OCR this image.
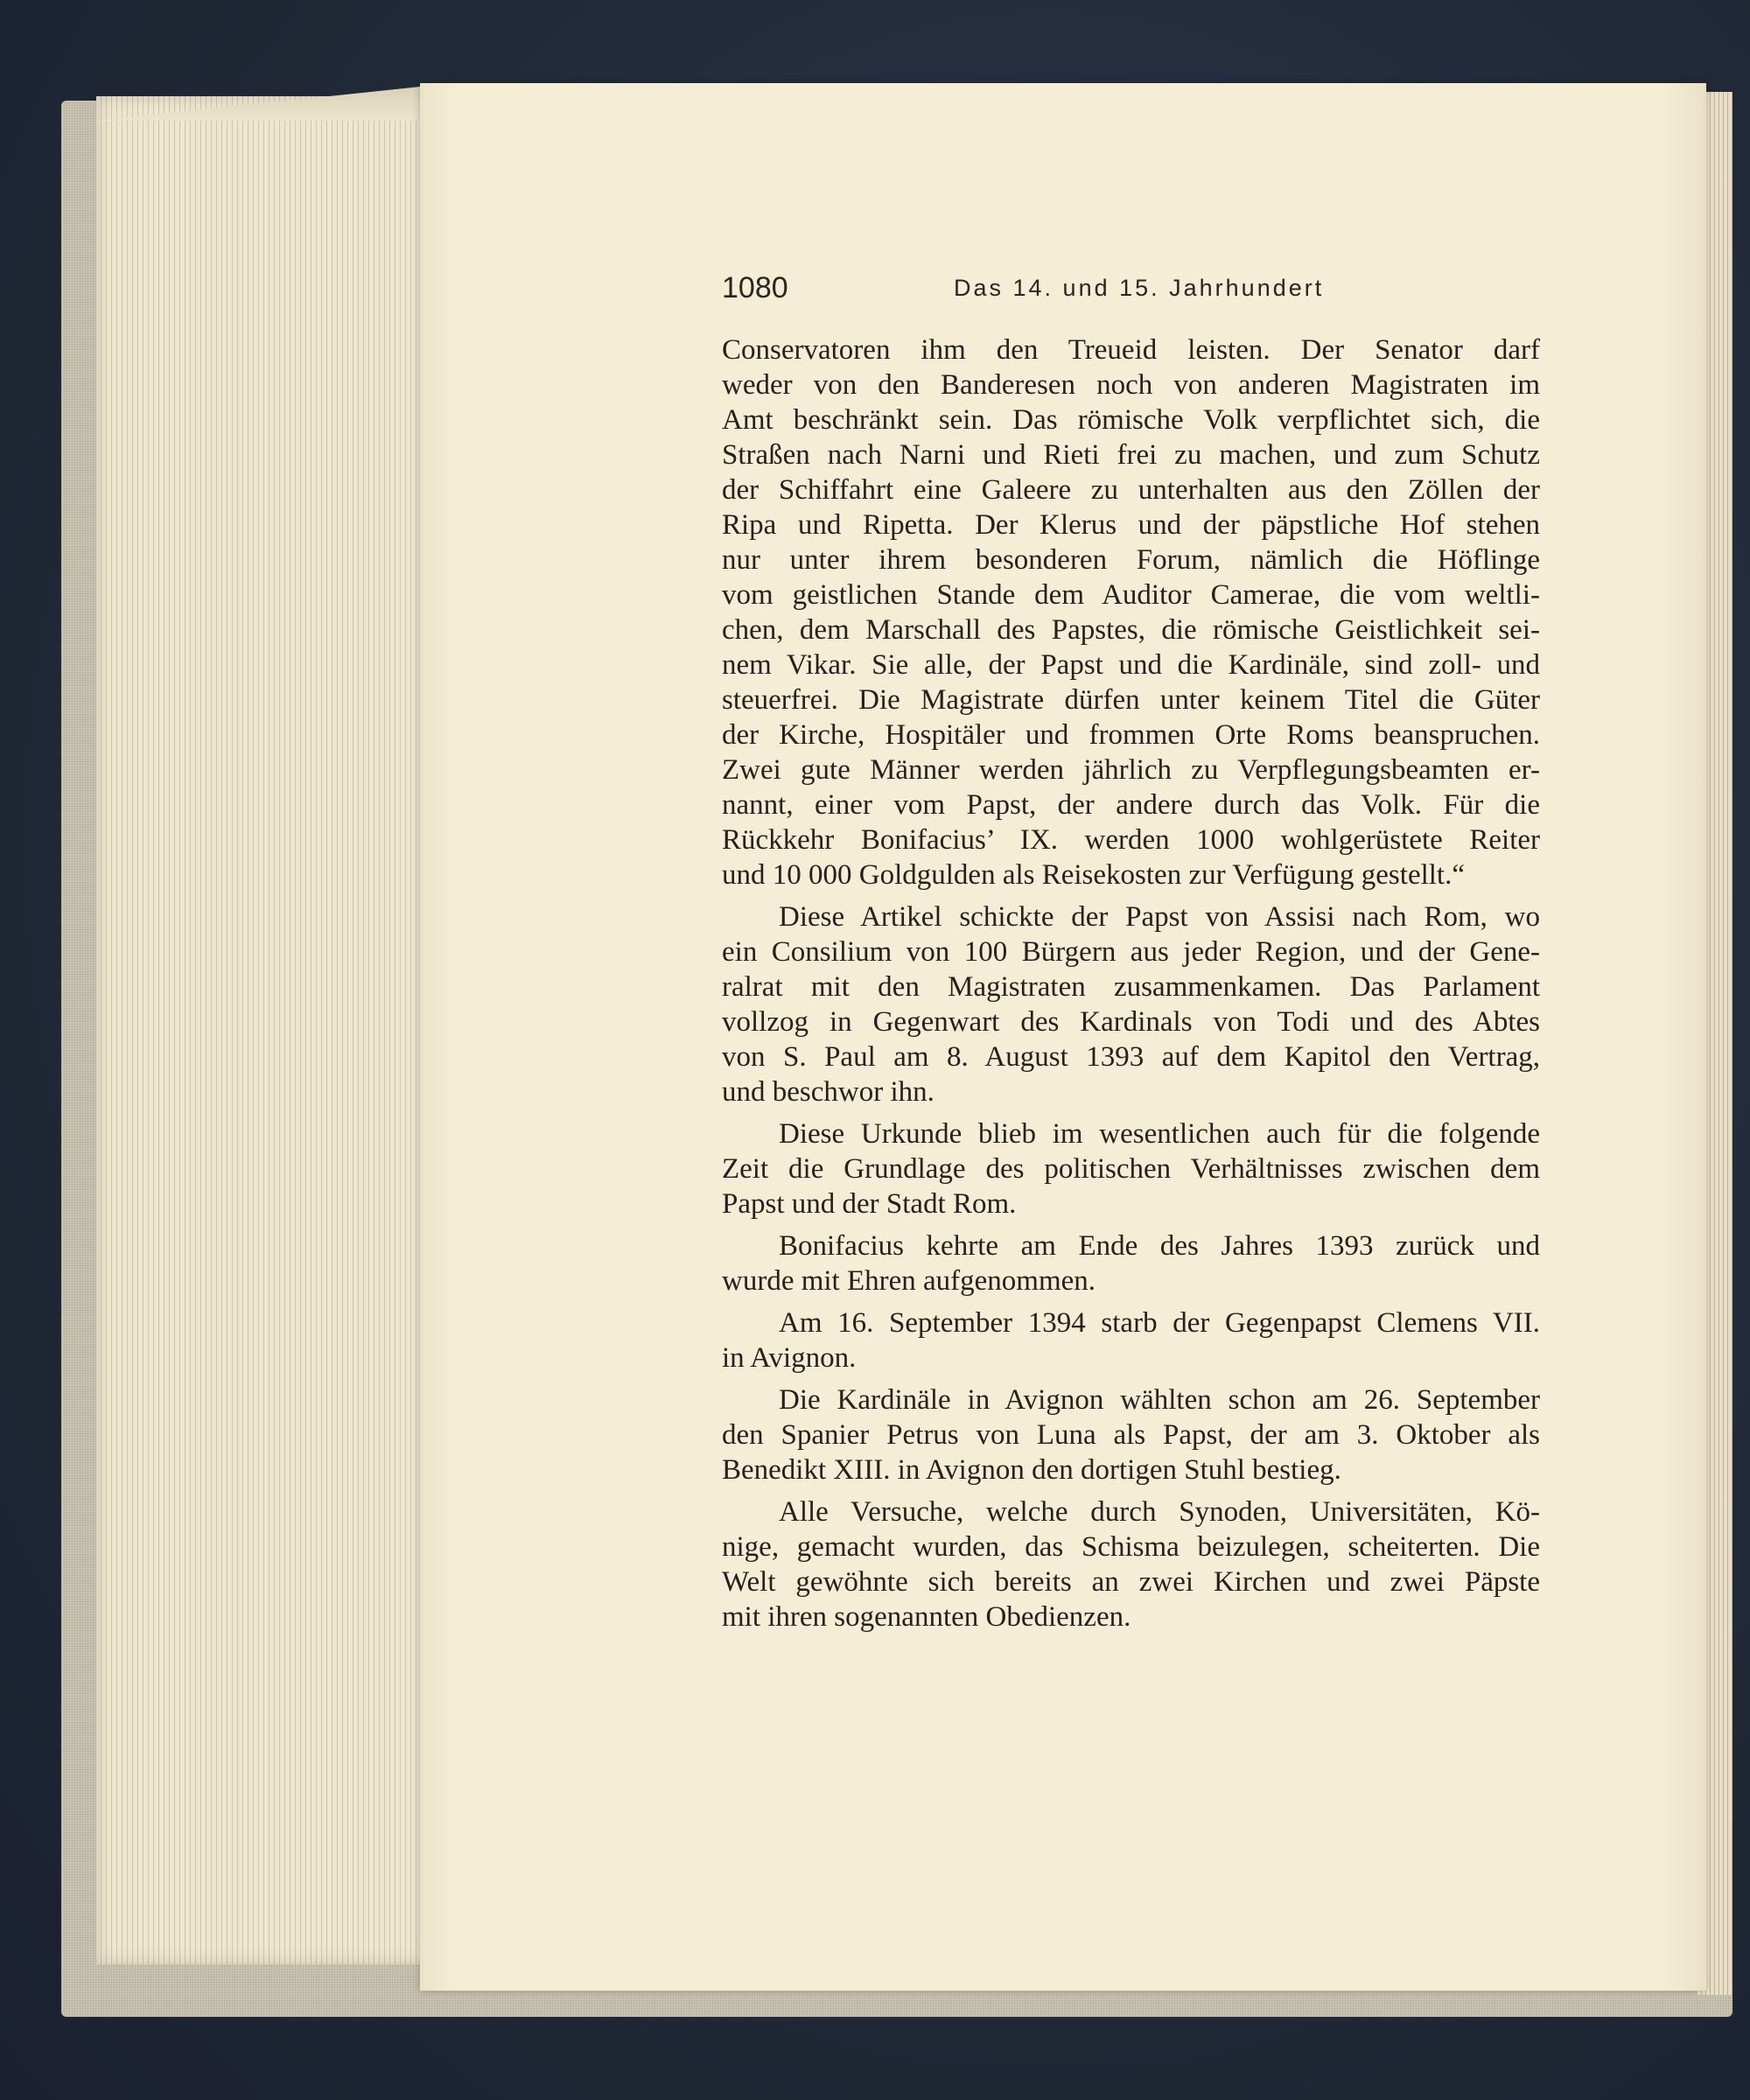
1080	Das 14. und 15. Jahrhundert
Conservatoren ihm den Treueid leisten. Der Senator darf
weder von den Banderesen noch von anderen Magistraten im
Amt beschränkt sein. Das römische Volk verpflichtet sich, die
Straßen nach Narni und Rieti frei zu machen, und zum Schutz
der Schiffahrt eine Galeere zu unterhalten aus den Zöllen der
Ripa und Ripetta. Der Klerus und der päpstliche Hof stehen
nur unter ihrem besonderen Forum, nämlich die Höflinge
vom geistlichen Stande dem Auditor Camerae, die vom weltli-
chen, dem Marschall des Papstes, die römische Geistlichkeit sei-
nem Vikar. Sie alle, der Papst und die Kardinäle, sind zoll- und
steuerfrei. Die Magistrate dürfen unter keinem Titel die Güter
der Kirche, Hospitäler und frommen Orte Roms beanspruchen.
Zwei gute Männer werden jährlich zu Verpflegungsbeamten er-
nannt, einer vom Papst, der andere durch das Volk. Für die
Rückkehr Bonifacius’ IX. werden 1000 wohlgerüstete Reiter
und 10 000 Goldgulden als Reisekosten zur Verfügung gestellt.“
Diese Artikel schickte der Papst von Assisi nach Rom, wo
ein Consilium von 100 Bürgern aus jeder Region, und der Gene-
ralrat mit den Magistraten zusammenkamen. Das Parlament
vollzog in Gegenwart des Kardinals von Todi und des Abtes
von S. Paul am 8. August 1393 auf dem Kapitol den Vertrag,
und beschwor ihn.
Diese Urkunde blieb im wesentlichen auch für die folgende
Zeit die Grundlage des politischen Verhältnisses zwischen dem
Papst und der Stadt Rom.
Bonifacius kehrte am Ende des Jahres 1393 zurück und
wurde mit Ehren aufgenommen.
Am 16. September 1394 starb der Gegenpapst Clemens VII.
in Avignon.
Die Kardinäle in Avignon wählten schon am 26. September
den Spanier Petrus von Luna als Papst, der am 3. Oktober als
Benedikt XIII. in Avignon den dortigen Stuhl bestieg.
Alle Versuche, welche durch Synoden, Universitäten, Kö-
nige, gemacht wurden, das Schisma beizulegen, scheiterten. Die
Welt gewöhnte sich bereits an zwei Kirchen und zwei Päpste
mit ihren sogenannten Obedienzen.
